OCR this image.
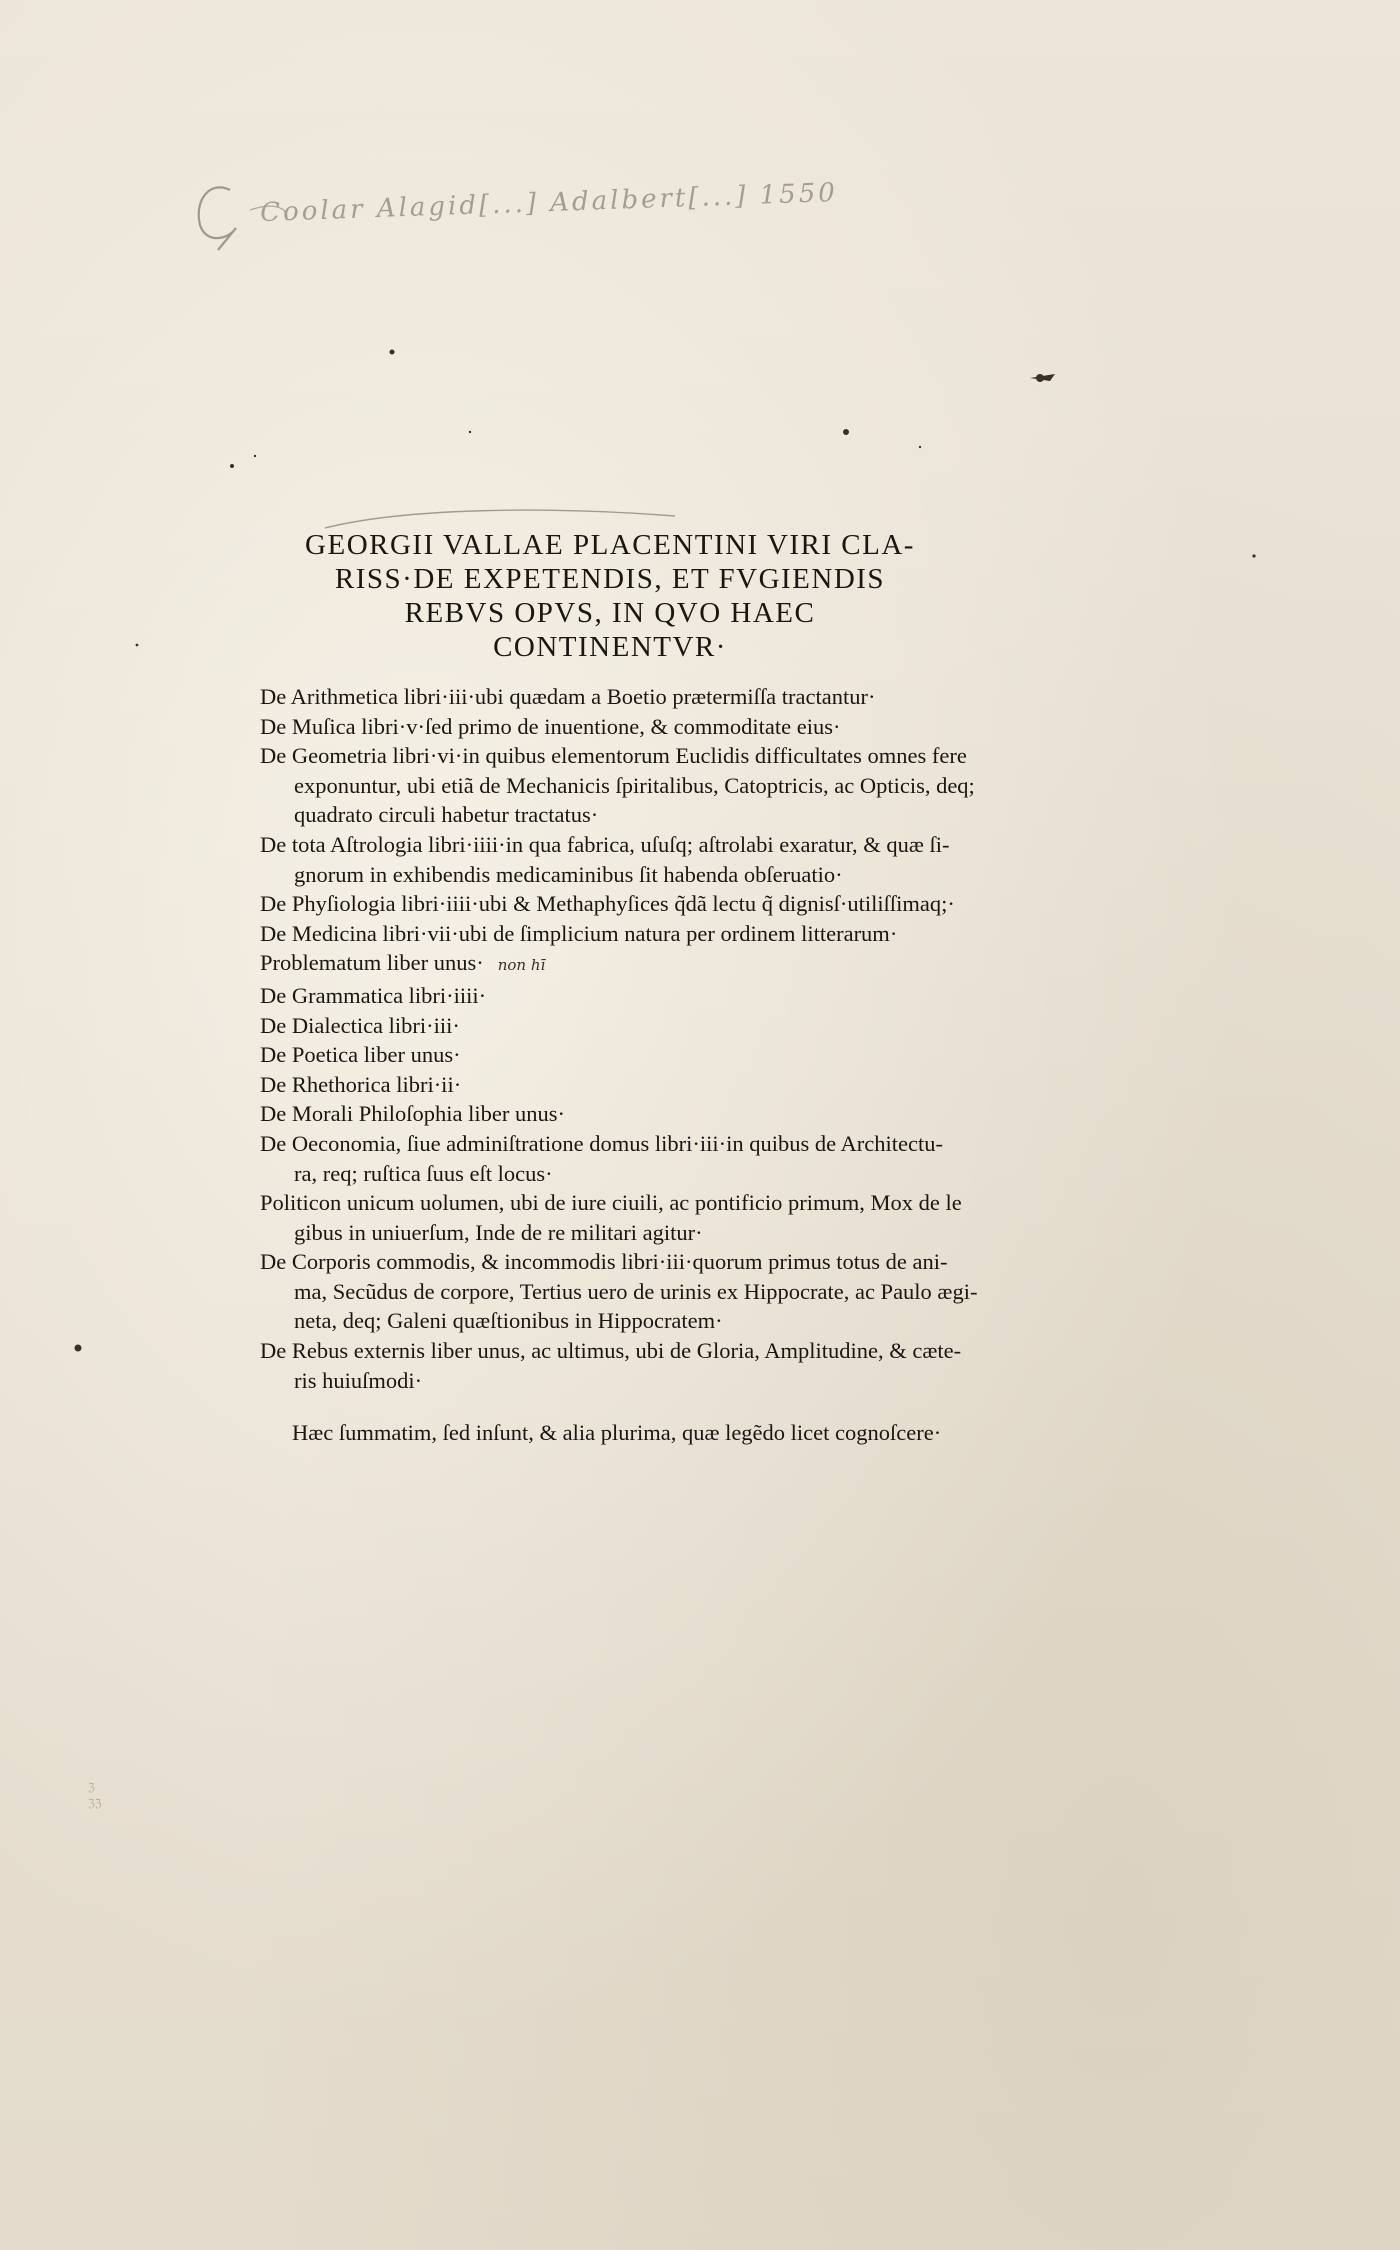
Coolar Alagid[...] Adalbert[...] 1550
GEORGII VALLAE PLACENTINI VIRI CLA-
RISS·DE EXPETENDIS, ET FVGIENDIS
REBVS OPVS, IN QVO HAEC
CONTINENTVR·
De Arithmetica libri·iii·ubi quædam a Boetio prætermiſſa tractantur·
De Muſica libri·v·ſed primo de inuentione, & commoditate eius·
De Geometria libri·vi·in quibus elementorum Euclidis difficultates omnes fere
exponuntur, ubi etiã de Mechanicis ſpiritalibus, Catoptricis, ac Opticis, deq;
quadrato circuli habetur tractatus·
De tota Aſtrologia libri·iiii·in qua fabrica, uſuſq; aſtrolabi exaratur, & quæ ſi-
gnorum in exhibendis medicaminibus ſit habenda obſeruatio·
De Phyſiologia libri·iiii·ubi & Methaphyſices q̃dã lectu q̃ dignisſ·utiliſſimaq;·
De Medicina libri·vii·ubi de ſimplicium natura per ordinem litterarum·
Problematum liber unus· non hī
De Grammatica libri·iiii·
De Dialectica libri·iii·
De Poetica liber unus·
De Rhethorica libri·ii·
De Morali Philoſophia liber unus·
De Oeconomia, ſiue adminiſtratione domus libri·iii·in quibus de Architectu-
ra, req; ruſtica ſuus eſt locus·
Politicon unicum uolumen, ubi de iure ciuili, ac pontificio primum, Mox de le
gibus in uniuerſum, Inde de re militari agitur·
De Corporis commodis, & incommodis libri·iii·quorum primus totus de ani-
ma, Secũdus de corpore, Tertius uero de urinis ex Hippocrate, ac Paulo ægi-
neta, deq; Galeni quæſtionibus in Hippocratem·
De Rebus externis liber unus, ac ultimus, ubi de Gloria, Amplitudine, & cæte-
ris huiuſmodi·
Hæc ſummatim, ſed inſunt, & alia plurima, quæ legẽdo licet cognoſcere·
ℨ
ℨℨ
